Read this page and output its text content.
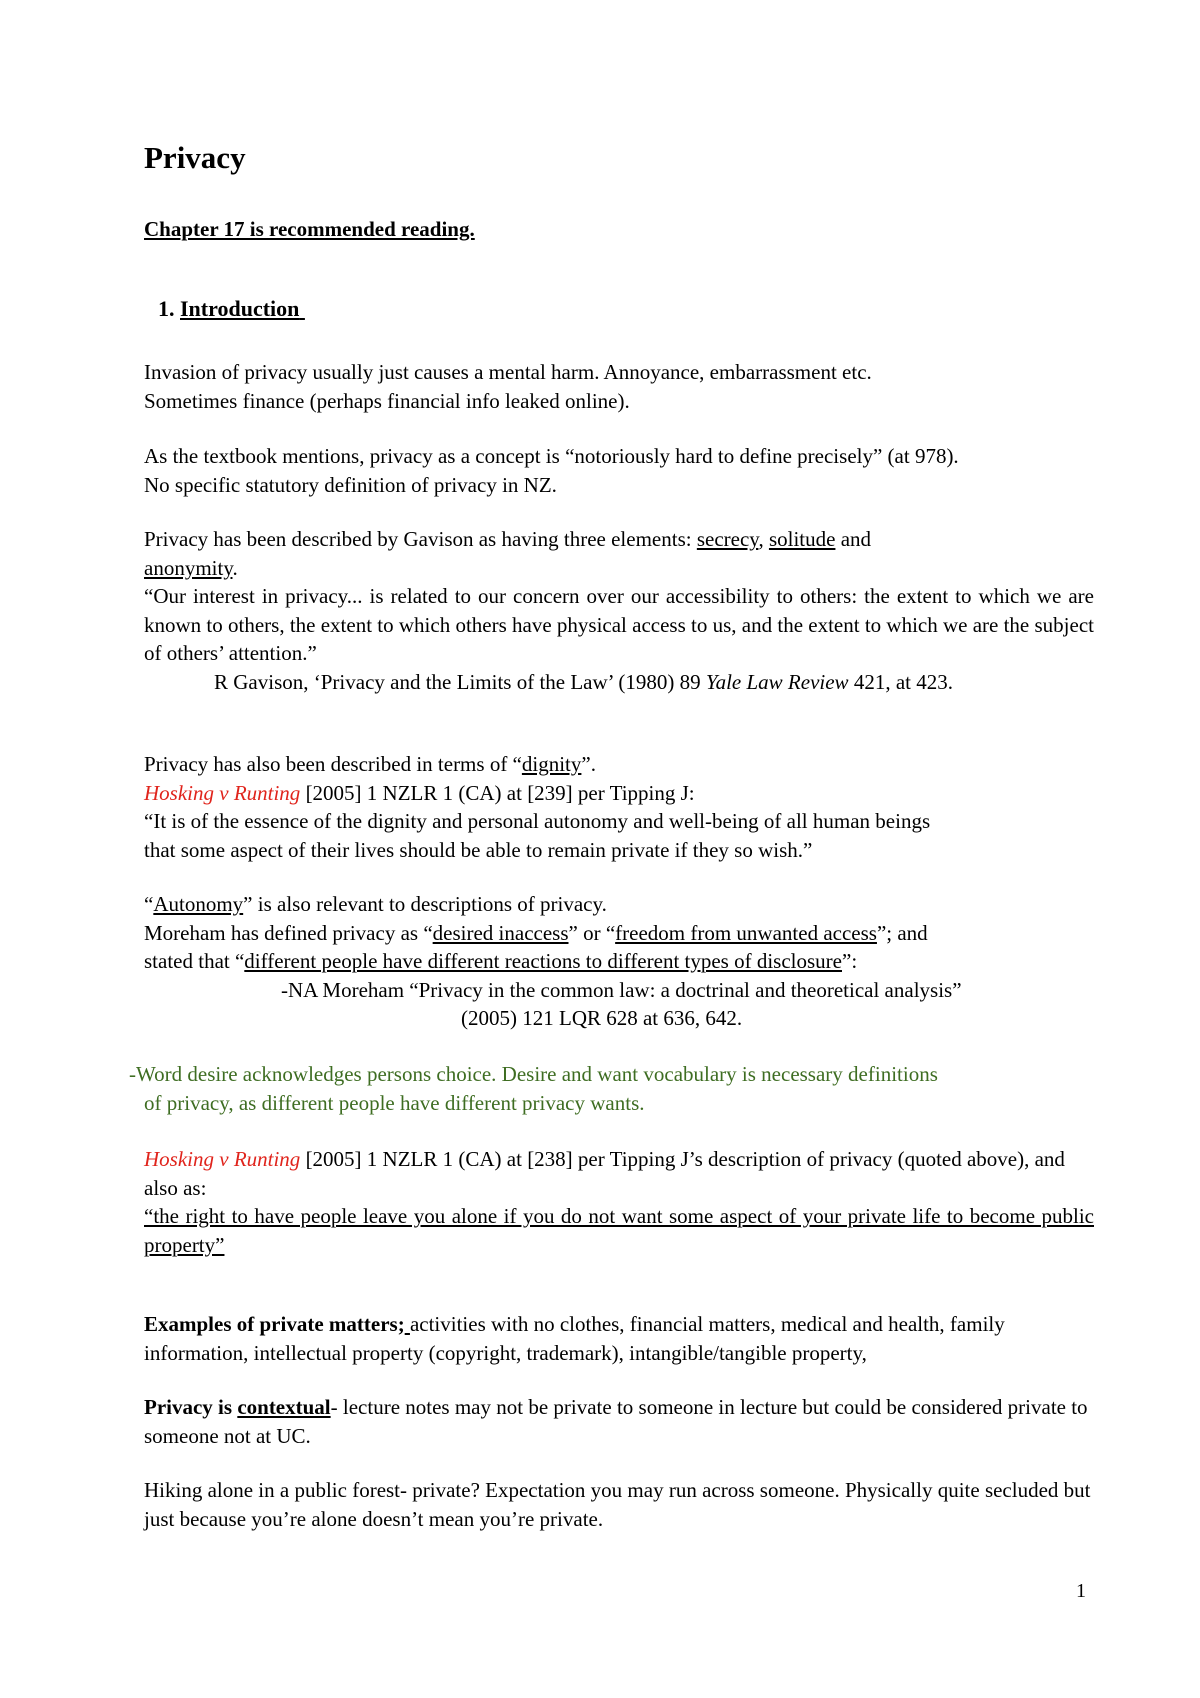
Privacy

Chapter 17 is recommended reading.

1. Introduction

Invasion of privacy usually just causes a mental harm. Annoyance, embarrassment etc.
Sometimes finance (perhaps financial info leaked online).
As the textbook mentions, privacy as a concept is “notoriously hard to define precisely” (at 978).
No specific statutory definition of privacy in NZ.
Privacy has been described by Gavison as having three elements: secrecy, solitude and
anonymity.
“Our interest in privacy... is related to our concern over our accessibility to others: the extent to which we are known to others, the extent to which others have physical access to us, and the extent to which we are the subject of others’ attention.”
R Gavison, ‘Privacy and the Limits of the Law’ (1980) 89 Yale Law Review 421, at 423.
Privacy has also been described in terms of “dignity”.
Hosking v Runting [2005] 1 NZLR 1 (CA) at [239] per Tipping J:
“It is of the essence of the dignity and personal autonomy and well-being of all human beings
that some aspect of their lives should be able to remain private if they so wish.”
“Autonomy” is also relevant to descriptions of privacy.
Moreham has defined privacy as “desired inaccess” or “freedom from unwanted access”; and
stated that “different people have different reactions to different types of disclosure”:
-NA Moreham “Privacy in the common law: a doctrinal and theoretical analysis”
(2005) 121 LQR 628 at 636, 642.
-Word desire acknowledges persons choice. Desire and want vocabulary is necessary definitions
of privacy, as different people have different privacy wants.
Hosking v Runting [2005] 1 NZLR 1 (CA) at [238] per Tipping J’s description of privacy (quoted above), and also as:
“the right to have people leave you alone if you do not want some aspect of your private life to become public property”
Examples of private matters; activities with no clothes, financial matters, medical and health, family information, intellectual property (copyright, trademark), intangible/tangible property,
Privacy is contextual- lecture notes may not be private to someone in lecture but could be considered private to someone not at UC.
Hiking alone in a public forest- private? Expectation you may run across someone. Physically quite secluded but just because you’re alone doesn’t mean you’re private.
1
